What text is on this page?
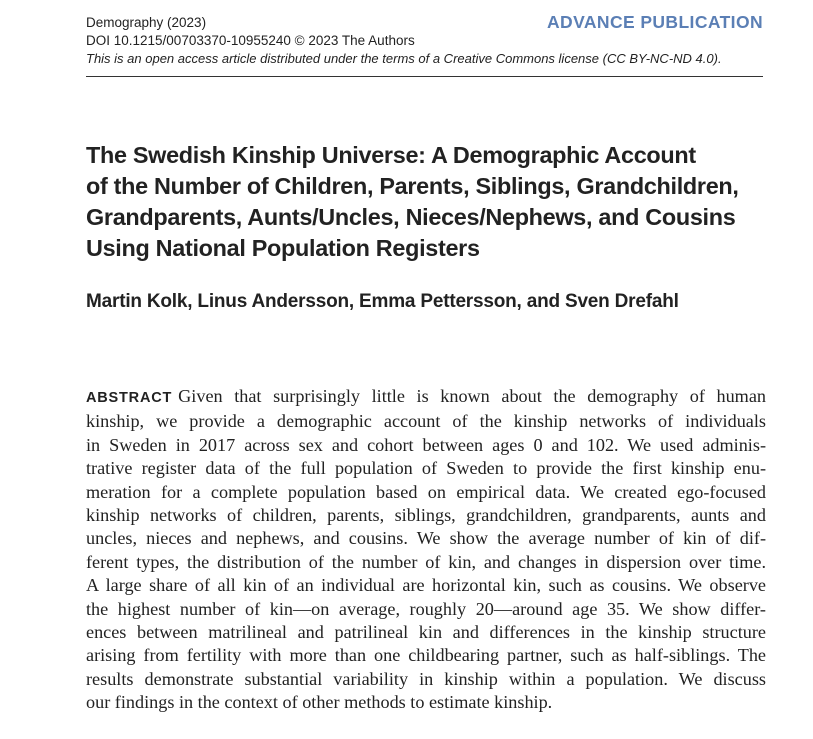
Demography (2023)
DOI 10.1215/00703370-10955240 © 2023 The Authors
This is an open access article distributed under the terms of a Creative Commons license (CC BY-NC-ND 4.0).
ADVANCE PUBLICATION
The Swedish Kinship Universe: A Demographic Account
of the Number of Children, Parents, Siblings, Grandchildren,
Grandparents, Aunts/Uncles, Nieces/Nephews, and Cousins
Using National Population Registers
Martin Kolk, Linus Andersson, Emma Pettersson, and Sven Drefahl
ABSTRACT Given that surprisingly little is known about the demography of human
kinship, we provide a demographic account of the kinship networks of individuals
in Sweden in 2017 across sex and cohort between ages 0 and 102. We used adminis-
trative register data of the full population of Sweden to provide the first kinship enu-
meration for a complete population based on empirical data. We created ego-focused
kinship networks of children, parents, siblings, grandchildren, grandparents, aunts and
uncles, nieces and nephews, and cousins. We show the average number of kin of dif-
ferent types, the distribution of the number of kin, and changes in dispersion over time.
A large share of all kin of an individual are horizontal kin, such as cousins. We observe
the highest number of kin—on average, roughly 20—around age 35. We show differ-
ences between matrilineal and patrilineal kin and differences in the kinship structure
arising from fertility with more than one childbearing partner, such as half-siblings. The
results demonstrate substantial variability in kinship within a population. We discuss
our findings in the context of other methods to estimate kinship.
